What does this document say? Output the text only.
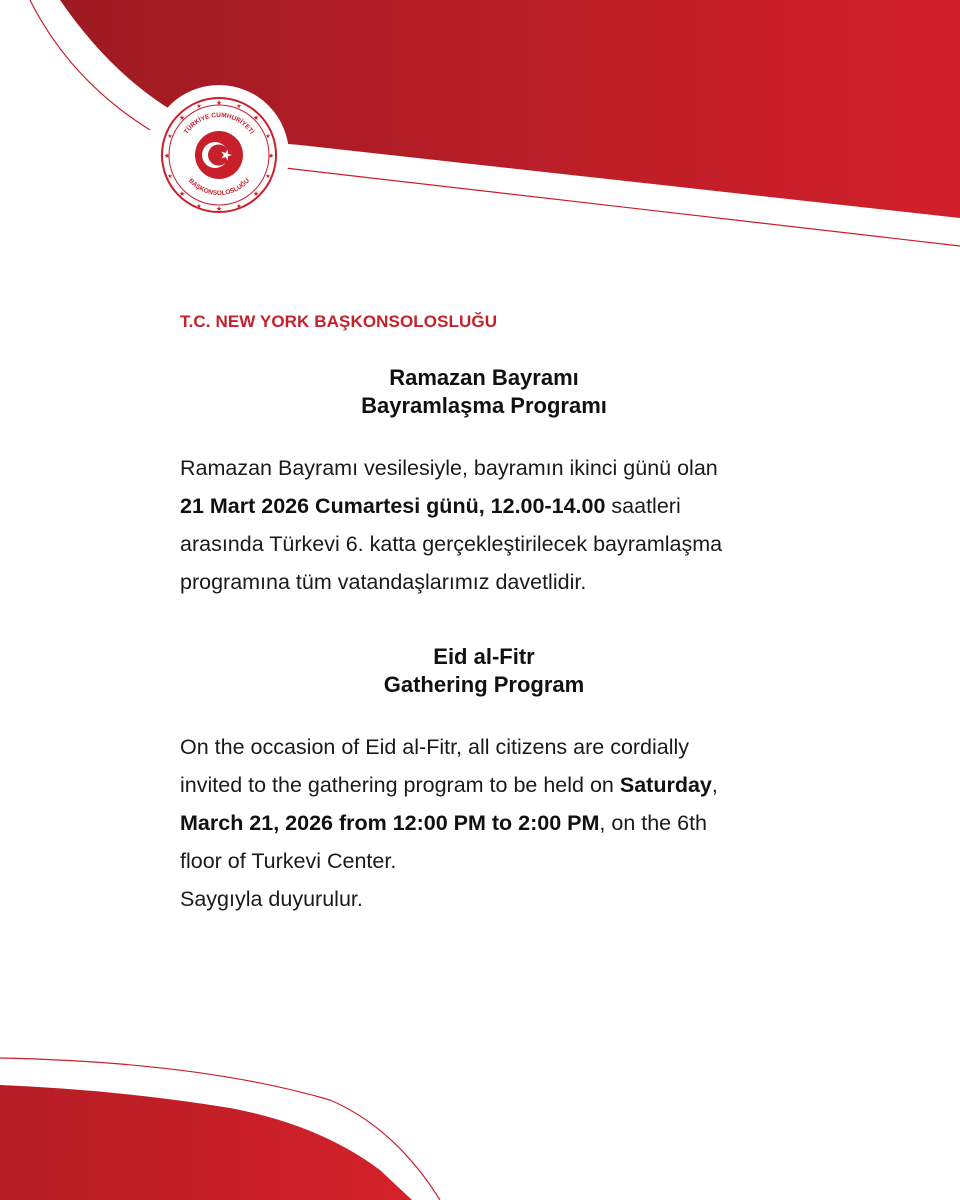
★
★
★	★
★	★
★	★
★	★
★	★
★	★
★	★
TÜRKİYE CUMHURİYETİ
BAŞKONSOLOSLUĞU
T.C. NEW YORK BAŞKONSOLOSLUĞU
Ramazan Bayramı
Bayramlaşma Programı
Ramazan Bayramı vesilesiyle, bayramın ikinci günü olan
21 Mart 2026 Cumartesi günü, 12.00-14.00 saatleri
arasında Türkevi 6. katta gerçekleştirilecek bayramlaşma
programına tüm vatandaşlarımız davetlidir.
Eid al-Fitr
Gathering Program
On the occasion of Eid al-Fitr, all citizens are cordially
invited to the gathering program to be held on Saturday,
March 21, 2026 from 12:00 PM to 2:00 PM, on the 6th
floor of Turkevi Center.
Saygıyla duyurulur.
